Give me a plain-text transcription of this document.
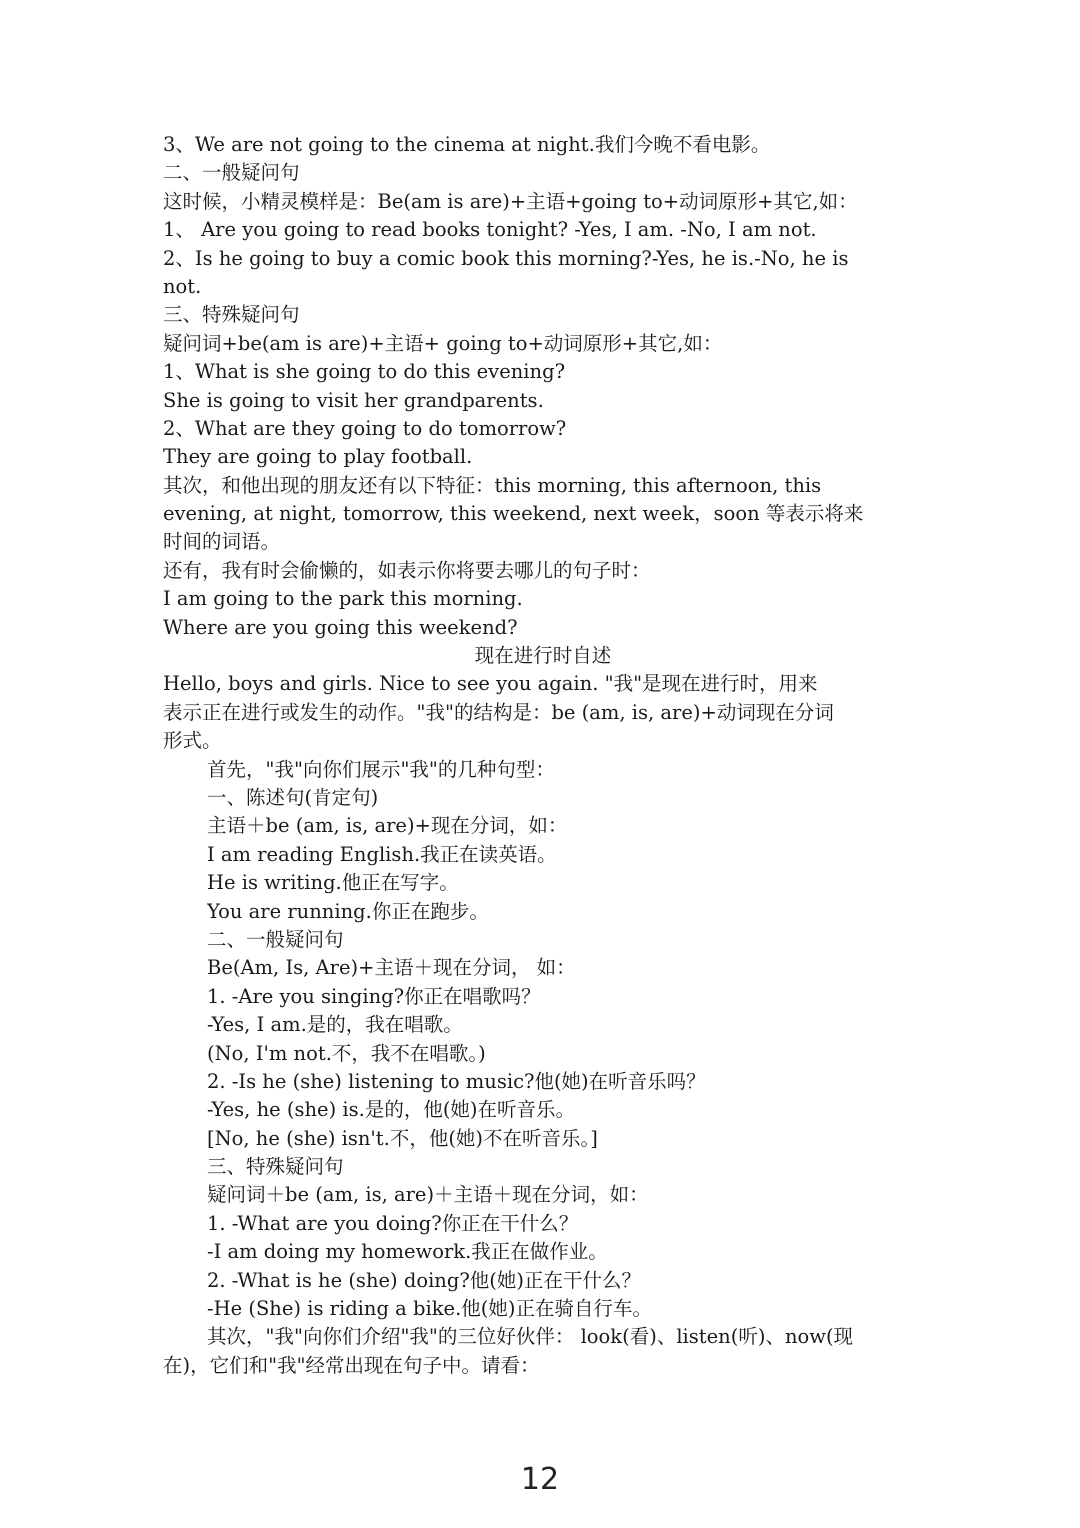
3、We are not going to the cinema at night.我们今晚不看电影。
二、一般疑问句
这时候，小精灵模样是：Be(am is are)+主语+going to+动词原形+其它,如：
1、 Are you going to read books tonight? -Yes, I am. -No, I am not.
2、Is he going to buy a comic book this morning?-Yes, he is.-No, he is
not.
三、特殊疑问句
疑问词+be(am is are)+主语+ going to+动词原形+其它,如：
1、What is she going to do this evening?
She is going to visit her grandparents.
2、What are they going to do tomorrow?
They are going to play football.
其次，和他出现的朋友还有以下特征：this morning, this afternoon, this
evening, at night, tomorrow, this weekend, next week，soon 等表示将来
时间的词语。
还有，我有时会偷懒的，如表示你将要去哪儿的句子时：
I am going to the park this morning.
Where are you going this weekend?
现在进行时自述
Hello, boys and girls. Nice to see you again. "我"是现在进行时，用来
表示正在进行或发生的动作。"我"的结构是：be (am, is, are)+动词现在分词
形式。
首先，"我"向你们展示"我"的几种句型：
一、陈述句(肯定句)
主语＋be (am, is, are)+现在分词，如：
I am reading English.我正在读英语。
He is writing.他正在写字。
You are running.你正在跑步。
二、一般疑问句
Be(Am, Is, Are)+主语＋现在分词， 如：
1. -Are you singing?你正在唱歌吗？
-Yes, I am.是的，我在唱歌。
(No, I'm not.不，我不在唱歌。)
2. -Is he (she) listening to music?他(她)在听音乐吗？
-Yes, he (she) is.是的，他(她)在听音乐。
[No, he (she) isn't.不，他(她)不在听音乐。]
三、特殊疑问句
疑问词＋be (am, is, are)＋主语＋现在分词，如：
1. -What are you doing?你正在干什么？
-I am doing my homework.我正在做作业。
2. -What is he (she) doing?他(她)正在干什么？
-He (She) is riding a bike.他(她)正在骑自行车。
其次，"我"向你们介绍"我"的三位好伙伴： look(看)、listen(听)、now(现
在)，它们和"我"经常出现在句子中。请看：
12
